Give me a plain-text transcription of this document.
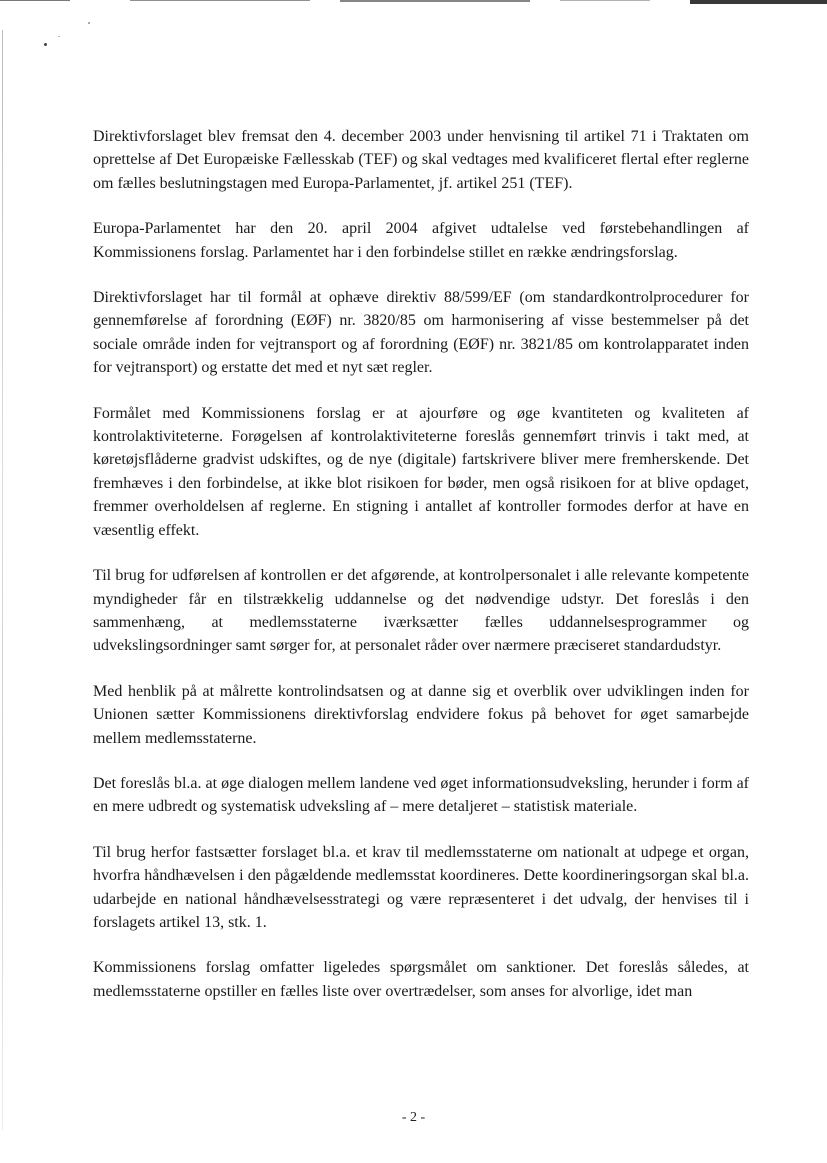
Direktivforslaget blev fremsat den 4. december 2003 under henvisning til artikel 71 i Traktaten om oprettelse af Det Europæiske Fællesskab (TEF) og skal vedtages med kvalificeret flertal efter reglerne om fælles beslutningstagen med Europa-Parlamentet, jf. artikel 251 (TEF).

Europa-Parlamentet har den 20. april 2004 afgivet udtalelse ved førstebehandlingen af Kommissionens forslag. Parlamentet har i den forbindelse stillet en række ændringsforslag.

Direktivforslaget har til formål at ophæve direktiv 88/599/EF (om standardkontrolprocedurer for gennemførelse af forordning (EØF) nr. 3820/85 om harmonisering af visse bestemmelser på det sociale område inden for vejtransport og af forordning (EØF) nr. 3821/85 om kontrolapparatet inden for vejtransport) og erstatte det med et nyt sæt regler.

Formålet med Kommissionens forslag er at ajourføre og øge kvantiteten og kvaliteten af kontrolaktiviteterne. Forøgelsen af kontrolaktiviteterne foreslås gennemført trinvis i takt med, at køretøjsflåderne gradvist udskiftes, og de nye (digitale) fartskrivere bliver mere fremherskende. Det fremhæves i den forbindelse, at ikke blot risikoen for bøder, men også risikoen for at blive opdaget, fremmer overholdelsen af reglerne. En stigning i antallet af kontroller formodes derfor at have en væsentlig effekt.

Til brug for udførelsen af kontrollen er det afgørende, at kontrolpersonalet i alle relevante kompetente myndigheder får en tilstrækkelig uddannelse og det nødvendige udstyr. Det foreslås i den sammenhæng, at medlemsstaterne iværksætter fælles uddannelsesprogrammer og udvekslingsordninger samt sørger for, at personalet råder over nærmere præciseret standardudstyr.

Med henblik på at målrette kontrolindsatsen og at danne sig et overblik over udviklingen inden for Unionen sætter Kommissionens direktivforslag endvidere fokus på behovet for øget samarbejde mellem medlemsstaterne.

Det foreslås bl.a. at øge dialogen mellem landene ved øget informationsudveksling, herunder i form af en mere udbredt og systematisk udveksling af – mere detaljeret – statistisk materiale.

Til brug herfor fastsætter forslaget bl.a. et krav til medlemsstaterne om nationalt at udpege et organ, hvorfra håndhævelsen i den pågældende medlemsstat koordineres. Dette koordineringsorgan skal bl.a. udarbejde en national håndhævelsesstrategi og være repræsenteret i det udvalg, der henvises til i forslagets artikel 13, stk. 1.

Kommissionens forslag omfatter ligeledes spørgsmålet om sanktioner. Det foreslås således, at medlemsstaterne opstiller en fælles liste over overtrædelser, som anses for alvorlige, idet man

- 2 -
